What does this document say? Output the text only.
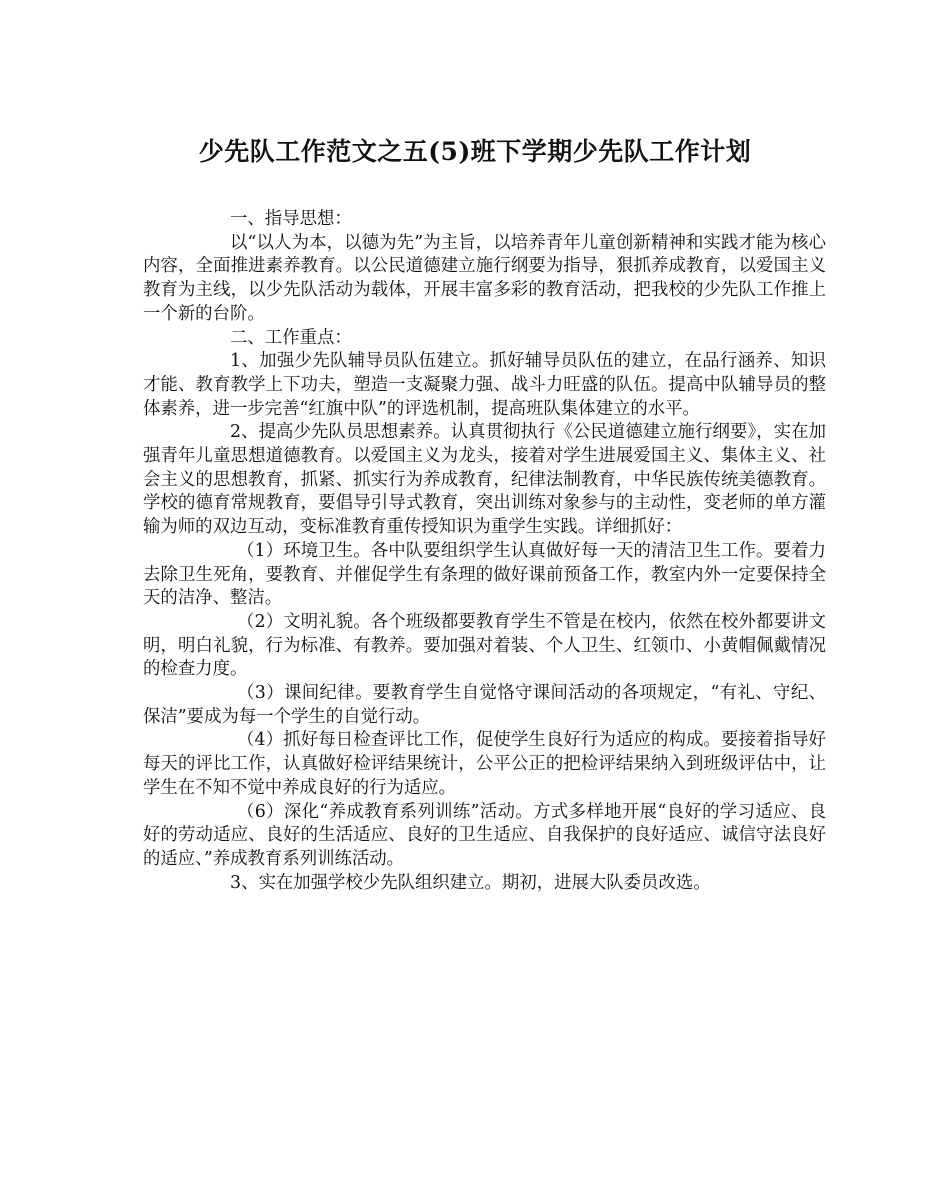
少先队工作范文之五(5)班下学期少先队工作计划

一、指导思想：

以“以人为本，以德为先”为主旨，以培养青年儿童创新精神和实践才能为核心内容，全面推进素养教育。以公民道德建立施行纲要为指导，狠抓养成教育，以爱国主义教育为主线，以少先队活动为载体，开展丰富多彩的教育活动，把我校的少先队工作推上一个新的台阶。

二、工作重点：

1、加强少先队辅导员队伍建立。抓好辅导员队伍的建立，在品行涵养、知识才能、教育教学上下功夫，塑造一支凝聚力强、战斗力旺盛的队伍。提高中队辅导员的整体素养，进一步完善“红旗中队”的评选机制，提高班队集体建立的水平。

2、提高少先队员思想素养。认真贯彻执行《公民道德建立施行纲要》，实在加强青年儿童思想道德教育。以爱国主义为龙头，接着对学生进展爱国主义、集体主义、社会主义的思想教育，抓紧、抓实行为养成教育，纪律法制教育，中华民族传统美德教育。学校的德育常规教育，要倡导引导式教育，突出训练对象参与的主动性，变老师的单方灌输为师的双边互动，变标准教育重传授知识为重学生实践。详细抓好：

（1）环境卫生。各中队要组织学生认真做好每一天的清洁卫生工作。要着力去除卫生死角，要教育、并催促学生有条理的做好课前预备工作，教室内外一定要保持全天的洁净、整洁。

（2）文明礼貌。各个班级都要教育学生不管是在校内，依然在校外都要讲文明，明白礼貌，行为标准、有教养。要加强对着装、个人卫生、红领巾、小黄帽佩戴情况的检查力度。

（3）课间纪律。要教育学生自觉恪守课间活动的各项规定，“有礼、守纪、保洁”要成为每一个学生的自觉行动。

（4）抓好每日检查评比工作，促使学生良好行为适应的构成。要接着指导好每天的评比工作，认真做好检评结果统计，公平公正的把检评结果纳入到班级评估中，让学生在不知不觉中养成良好的行为适应。

（6）深化“养成教育系列训练”活动。方式多样地开展“良好的学习适应、良好的劳动适应、良好的生活适应、良好的卫生适应、自我保护的良好适应、诚信守法良好的适应、”养成教育系列训练活动。

3、实在加强学校少先队组织建立。期初，进展大队委员改选。
